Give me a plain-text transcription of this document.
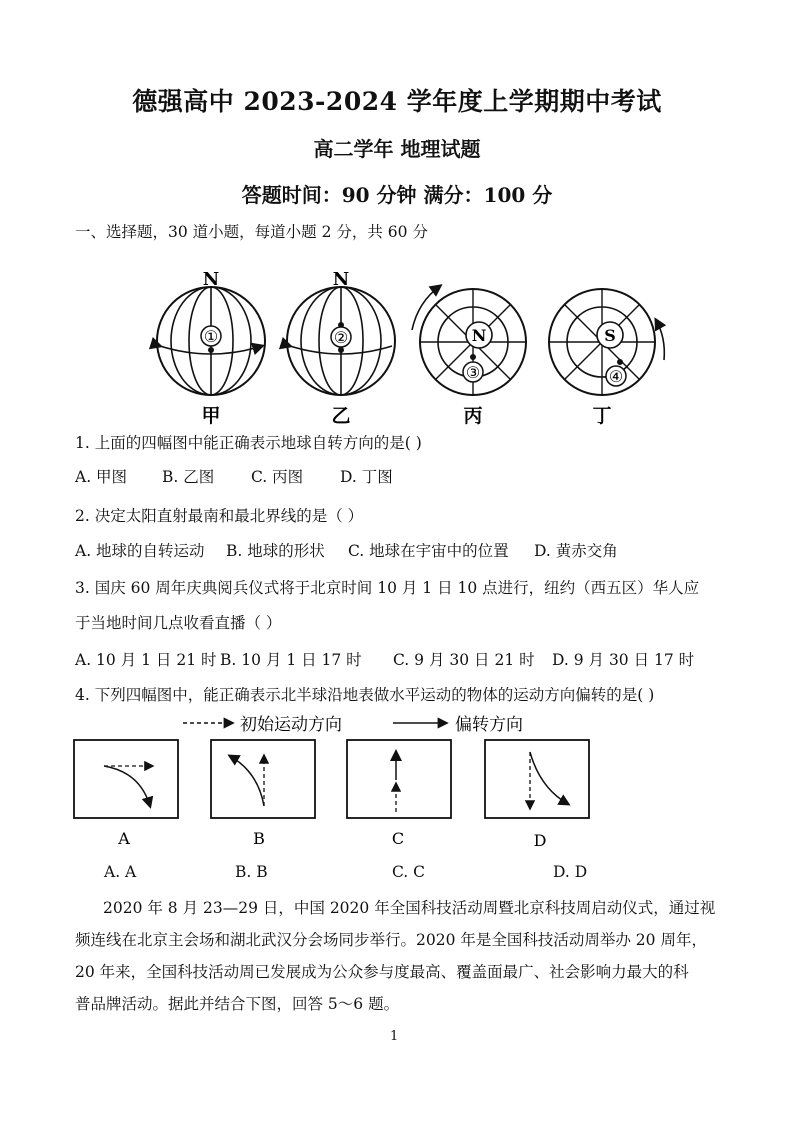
德强高中 2023-2024 学年度上学期期中考试
高二学年 地理试题
答题时间：90 分钟 满分：100 分
一、选择题，30 道小题，每道小题 2 分，共 60 分
N
①
甲
N
②
乙
N
③
丙
S
④
丁
1. 上面的四幅图中能正确表示地球自转方向的是( )
A. 甲图 B. 乙图 C. 丙图 D. 丁图
2. 决定太阳直射最南和最北界线的是（ ）
A. 地球的自转运动 B. 地球的形状 C. 地球在宇宙中的位置 D. 黄赤交角
3. 国庆 60 周年庆典阅兵仪式将于北京时间 10 月 1 日 10 点进行，纽约（西五区）华人应
于当地时间几点收看直播（ ）
A. 10 月 1 日 21 时 B. 10 月 1 日 17 时 C. 9 月 30 日 21 时 D. 9 月 30 日 17 时
4. 下列四幅图中，能正确表示北半球沿地表做水平运动的物体的运动方向偏转的是( )
初始运动方向	偏转方向
A	B	C	D
A. A	B. B	C. C	D. D
2020 年 8 月 23—29 日，中国 2020 年全国科技活动周暨北京科技周启动仪式，通过视
频连线在北京主会场和湖北武汉分会场同步举行。2020 年是全国科技活动周举办 20 周年，
20 年来，全国科技活动周已发展成为公众参与度最高、覆盖面最广、社会影响力最大的科
普品牌活动。据此并结合下图，回答 5～6 题。
1
